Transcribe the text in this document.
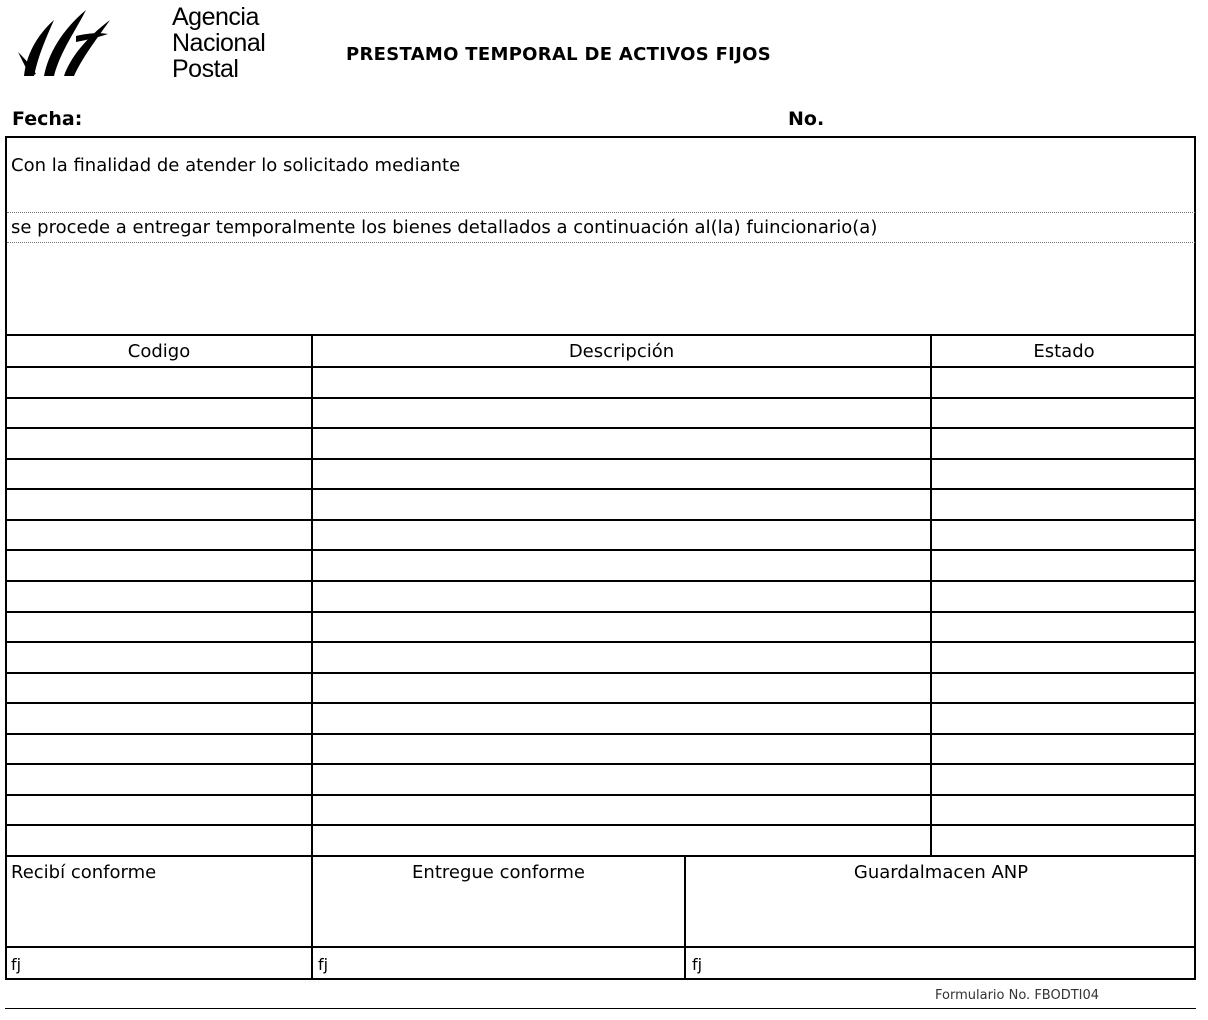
Agencia
Nacional
Postal
PRESTAMO TEMPORAL DE ACTIVOS FIJOS
Fecha:	No.
Con la finalidad de atender lo solicitado mediante
se procede a entregar temporalmente los bienes detallados a continuación al(la) fuincionario(a)
Codigo	Descripción	Estado
Recibí conforme	Entregue conforme	Guardalmacen ANP
fj	fj	fj
Formulario No. FBODTI04
